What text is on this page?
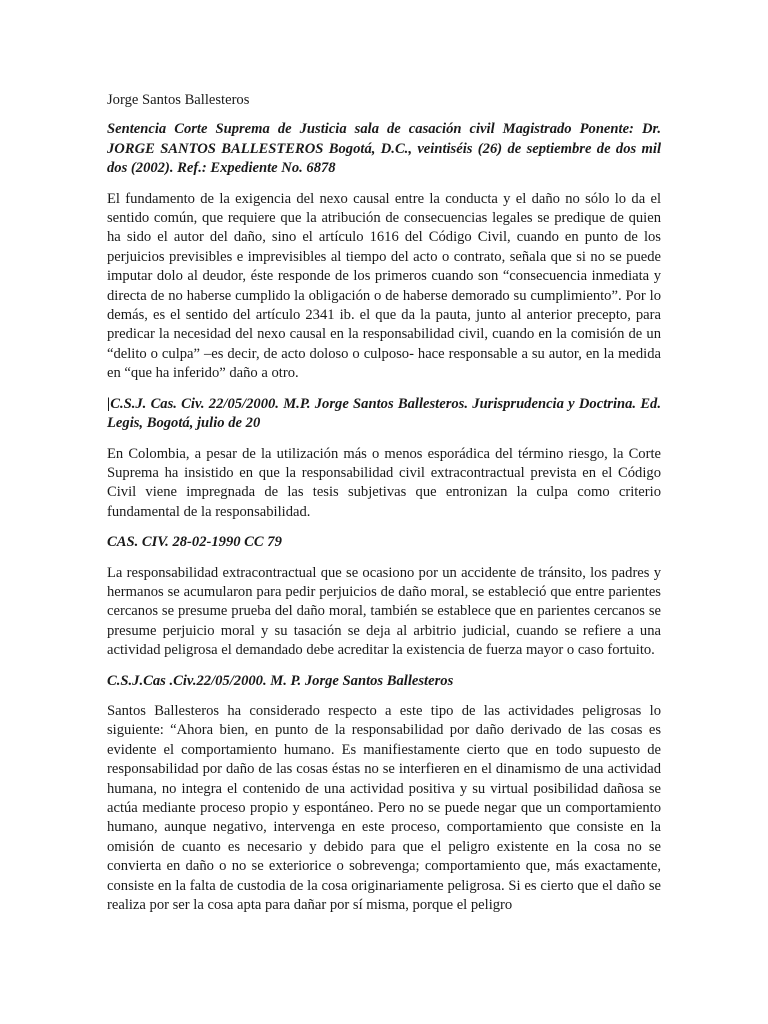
Jorge Santos Ballesteros

Sentencia Corte Suprema de Justicia sala de casación civil Magistrado Ponente: Dr. JORGE SANTOS BALLESTEROS Bogotá, D.C., veintiséis (26) de septiembre de dos mil dos (2002). Ref.: Expediente No. 6878

El fundamento de la exigencia del nexo causal entre la conducta y el daño no sólo lo da el sentido común, que requiere que la atribución de consecuencias legales se predique de quien ha sido el autor del daño, sino el artículo 1616 del Código Civil, cuando en punto de los perjuicios previsibles e imprevisibles al tiempo del acto o contrato, señala que si no se puede imputar dolo al deudor, éste responde de los primeros cuando son “consecuencia inmediata y directa de no haberse cumplido la obligación o de haberse demorado su cumplimiento”. Por lo demás, es el sentido del artículo 2341 ib. el que da la pauta, junto al anterior precepto, para predicar la necesidad del nexo causal en la responsabilidad civil, cuando en la comisión de un “delito o culpa” –es decir, de acto doloso o culposo- hace responsable a su autor, en la medida en “que ha inferido” daño a otro.

|C.S.J. Cas. Civ. 22/05/2000. M.P. Jorge Santos Ballesteros. Jurisprudencia y Doctrina. Ed. Legis, Bogotá, julio de 20

En Colombia, a pesar de la utilización más o menos esporádica del término riesgo, la Corte Suprema ha insistido en que la responsabilidad civil extracontractual prevista en el Código Civil viene impregnada de las tesis subjetivas que entronizan la culpa como criterio fundamental de la responsabilidad.

CAS. CIV. 28-02-1990 CC 79

La responsabilidad extracontractual que se ocasiono por un accidente de tránsito, los padres y hermanos se acumularon para pedir perjuicios de daño moral, se estableció que entre parientes cercanos se presume prueba del daño moral, también se establece que en parientes cercanos se presume perjuicio moral y su tasación se deja al arbitrio judicial, cuando se refiere a una actividad peligrosa el demandado debe acreditar la existencia de fuerza mayor o caso fortuito.

C.S.J.Cas .Civ.22/05/2000. M. P. Jorge Santos Ballesteros

Santos Ballesteros ha considerado respecto a este tipo de las actividades peligrosas lo siguiente: “Ahora bien, en punto de la responsabilidad por daño derivado de las cosas es evidente el comportamiento humano. Es manifiestamente cierto que en todo supuesto de responsabilidad por daño de las cosas éstas no se interfieren en el dinamismo de una actividad humana, no integra el contenido de una actividad positiva y su virtual posibilidad dañosa se actúa mediante proceso propio y espontáneo. Pero no se puede negar que un comportamiento humano, aunque negativo, intervenga en este proceso, comportamiento que consiste en la omisión de cuanto es necesario y debido para que el peligro existente en la cosa no se convierta en daño o no se exteriorice o sobrevenga; comportamiento que, más exactamente, consiste en la falta de custodia de la cosa originariamente peligrosa. Si es cierto que el daño se realiza por ser la cosa apta para dañar por sí misma, porque el peligro
